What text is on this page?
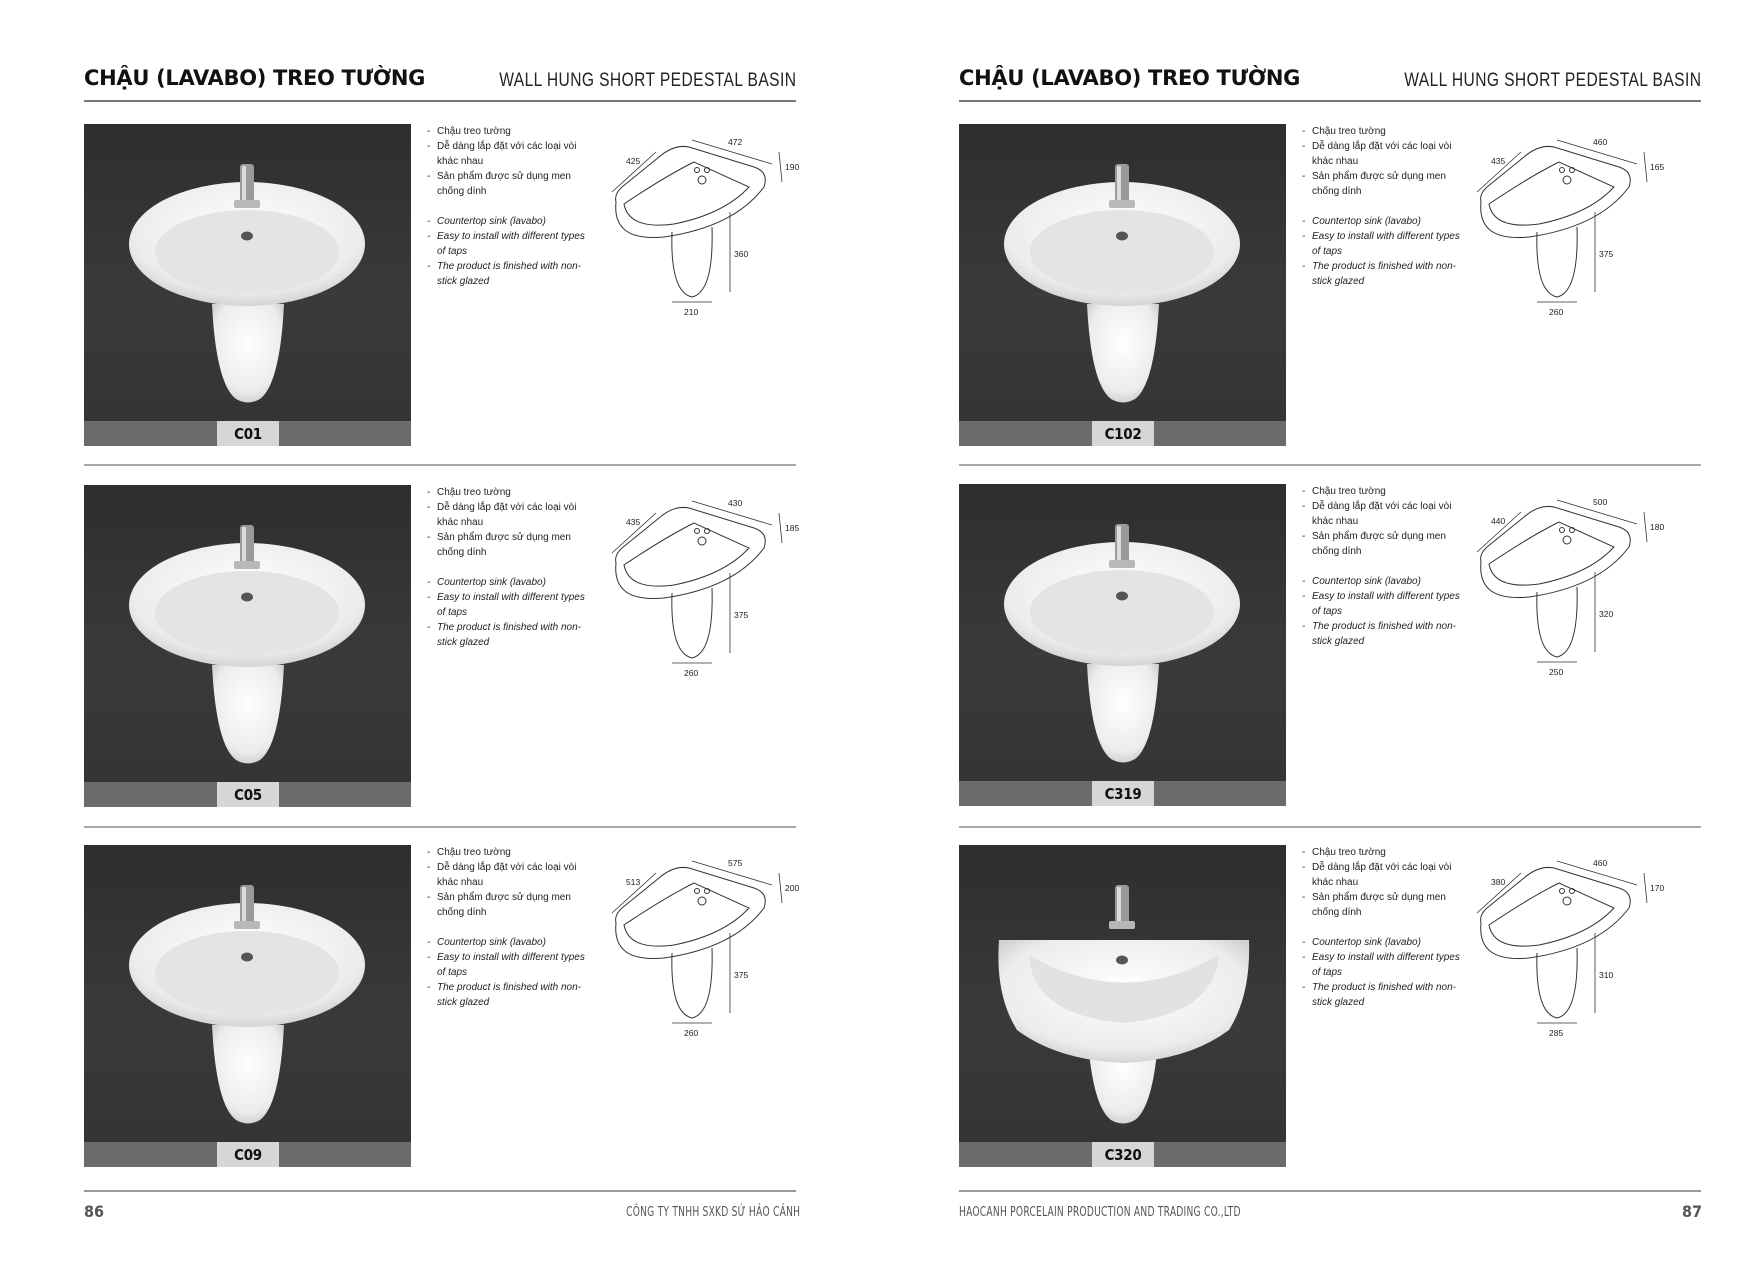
CHẬU (LAVABO) TREO TƯỜNG	WALL HUNG SHORT PEDESTAL BASIN
C01
- Chậu treo tường
- Dễ dàng lắp đặt với các loại vòi khác nhau
- Sản phẩm được sử dụng men chống dính
- Countertop sink (lavabo)
- Easy to install with different types of taps
- The product is finished with non-stick glazed
425
472
190
360
210
C05
- Chậu treo tường
- Dễ dàng lắp đặt với các loại vòi khác nhau
- Sản phẩm được sử dụng men chống dính
- Countertop sink (lavabo)
- Easy to install with different types of taps
- The product is finished with non-stick glazed
435
430
185
375
260
C09
- Chậu treo tường
- Dễ dàng lắp đặt với các loại vòi khác nhau
- Sản phẩm được sử dụng men chống dính
- Countertop sink (lavabo)
- Easy to install with different types of taps
- The product is finished with non-stick glazed
513
575
200
375
260
86	CÔNG TY TNHH SXKD SỨ HẢO CẢNH
CHẬU (LAVABO) TREO TƯỜNG	WALL HUNG SHORT PEDESTAL BASIN
C102
- Chậu treo tường
- Dễ dàng lắp đặt với các loại vòi khác nhau
- Sản phẩm được sử dụng men chống dính
- Countertop sink (lavabo)
- Easy to install with different types of taps
- The product is finished with non-stick glazed
435
460
165
375
260
C319
- Chậu treo tường
- Dễ dàng lắp đặt với các loại vòi khác nhau
- Sản phẩm được sử dụng men chống dính
- Countertop sink (lavabo)
- Easy to install with different types of taps
- The product is finished with non-stick glazed
440
500
180
320
250
C320
- Chậu treo tường
- Dễ dàng lắp đặt với các loại vòi khác nhau
- Sản phẩm được sử dụng men chống dính
- Countertop sink (lavabo)
- Easy to install with different types of taps
- The product is finished with non-stick glazed
380
460
170
310
285
HAOCANH PORCELAIN PRODUCTION AND TRADING CO.,LTD	87
